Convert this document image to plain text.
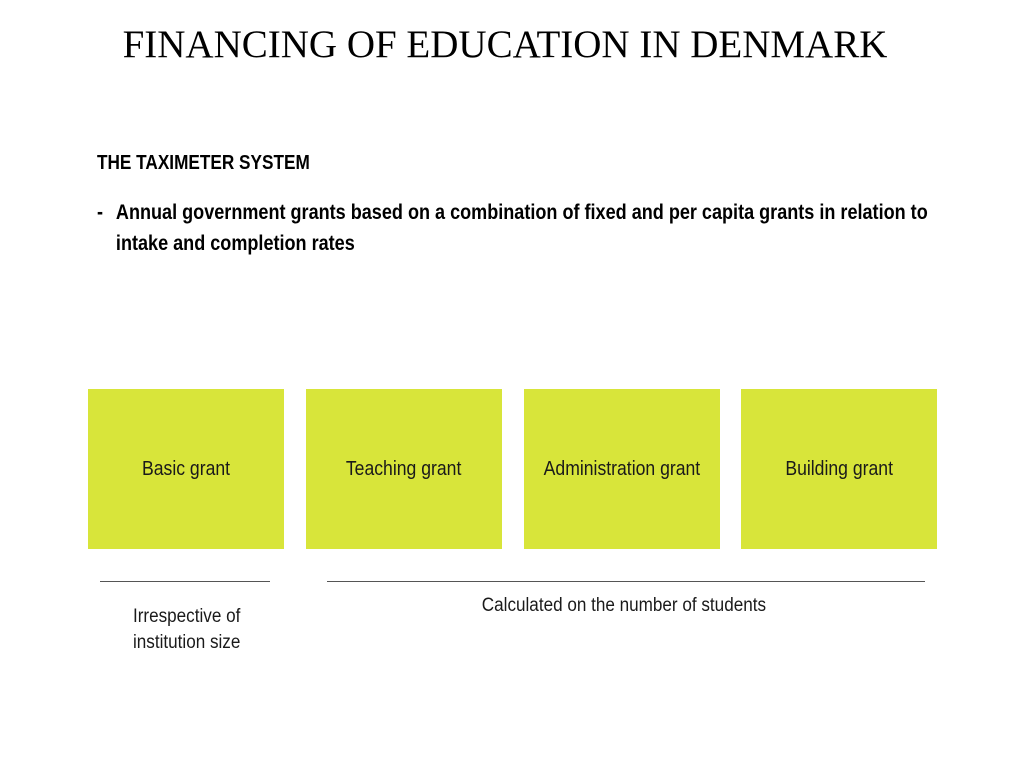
FINANCING OF EDUCATION IN DENMARK
THE TAXIMETER SYSTEM
- Annual government grants based on a combination of fixed and per capita grants in relation to intake and completion rates
Basic grant	Teaching grant	Administration grant	Building grant
Irrespective of
institution size
Calculated on the number of students
